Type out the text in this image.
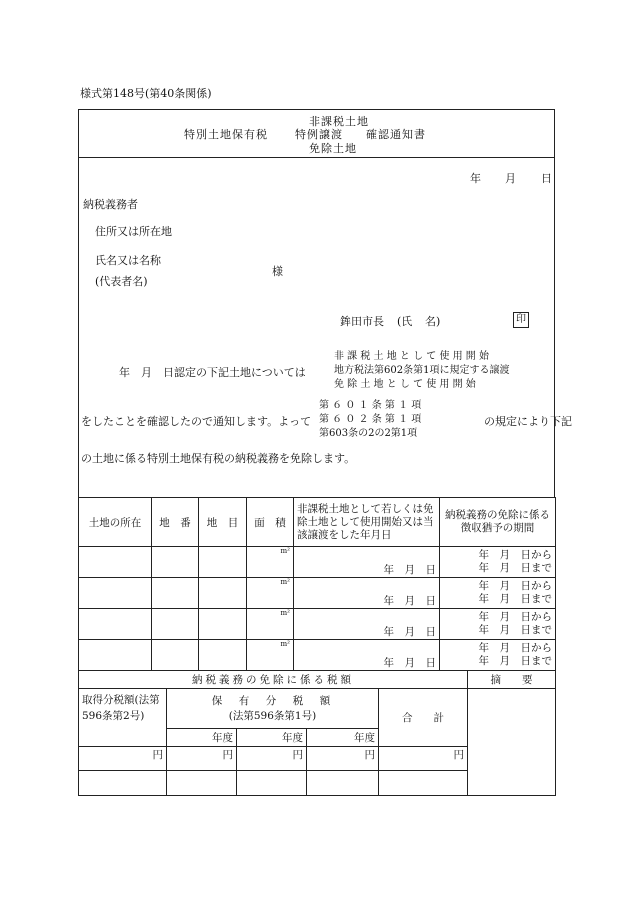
様式第148号(第40条関係)
非課税土地
特別土地保有税 特例譲渡 確認通知書
免除土地
年 月 日
納税義務者
住所又は所在地
氏名又は名称
(代表者名)
様
鉾田市長 (氏 名)	印
年　月　日認定の下記土地については
非 課 税 土 地 と し て 使 用 開 始
地方税法第602条第1項に規定する譲渡
免 除 土 地 と し て 使 用 開 始
をしたことを確認したので通知します。よって
第 ６ ０ １ 条 第 １ 項
第 ６ ０ ２ 条 第 １ 項
第603条の2の2第1項
の規定により下記
の土地に係る特別土地保有税の納税義務を免除します。
土地の所在	地　番	地　目	面　積	非課税土地として若しくは免除土地として使用開始又は当該譲渡をした年月日	納税義務の免除に係る徴収猶予の期間
			m²	年　月　日	年　月　日から
年　月　日まで

			m²	年　月　日	年　月　日から
年　月　日まで

			m²	年　月　日	年　月　日から
年　月　日まで

			m²	年　月　日	年　月　日から
年　月　日まで
納税義務の免除に係る税額					摘　　要	
取得分税額(法第596条第2号)	保　有　分　税　額
(法第596条第1号)			合　　計		
	年度	年度	年度			
円	円	円	円	円		
